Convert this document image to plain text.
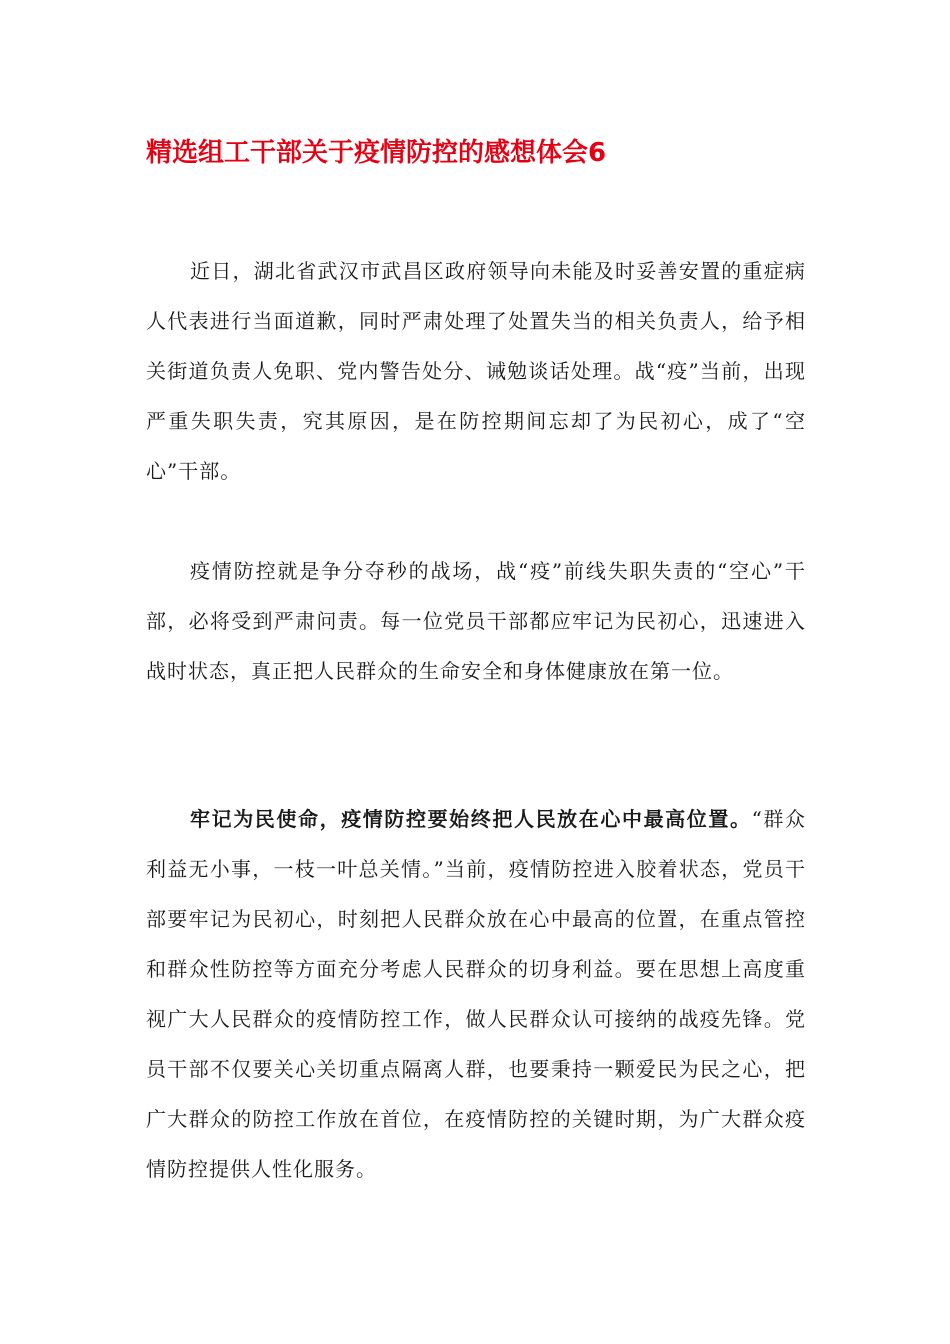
精选组工干部关于疫情防控的感想体会6

近日，湖北省武汉市武昌区政府领导向未能及时妥善安置的重症病人代表进行当面道歉，同时严肃处理了处置失当的相关负责人，给予相关街道负责人免职、党内警告处分、诫勉谈话处理。战“疫”当前，出现严重失职失责，究其原因，是在防控期间忘却了为民初心，成了“空心”干部。

疫情防控就是争分夺秒的战场，战“疫”前线失职失责的“空心”干部，必将受到严肃问责。每一位党员干部都应牢记为民初心，迅速进入战时状态，真正把人民群众的生命安全和身体健康放在第一位。

牢记为民使命，疫情防控要始终把人民放在心中最高位置。“群众利益无小事，一枝一叶总关情。”当前，疫情防控进入胶着状态，党员干部要牢记为民初心，时刻把人民群众放在心中最高的位置，在重点管控和群众性防控等方面充分考虑人民群众的切身利益。要在思想上高度重视广大人民群众的疫情防控工作，做人民群众认可接纳的战疫先锋。党员干部不仅要关心关切重点隔离人群，也要秉持一颗爱民为民之心，把广大群众的防控工作放在首位，在疫情防控的关键时期，为广大群众疫情防控提供人性化服务。
